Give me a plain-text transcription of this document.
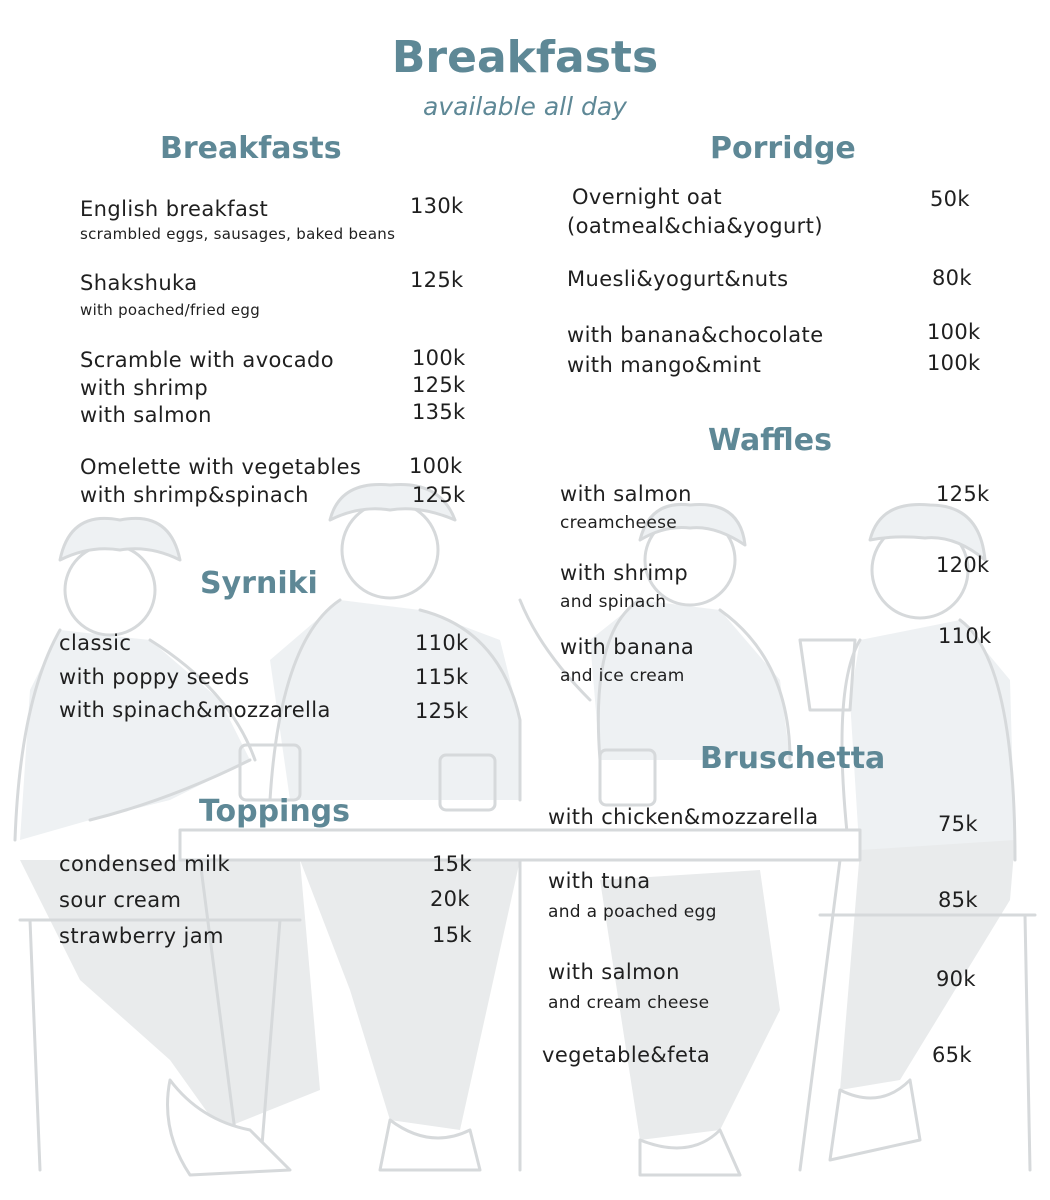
Breakfasts
available all day
Breakfasts
English breakfast
scrambled eggs, sausages, baked beans
130k
Shakshuka
with poached/fried egg
125k
Scramble with avocado	100k
with shrimp	125k
with salmon	135k
Omelette with vegetables 100k
with shrimp&spinach	125k
Syrniki
classic	110k
with poppy seeds	115k
with spinach&mozzarella	125k
Toppings
condensed milk	15k
sour cream	20k
strawberry jam	15k
Porridge
Overnight oat
(oatmeal&chia&yogurt)
50k
Muesli&yogurt&nuts	80k
with banana&chocolate	100k
with mango&mint	100k
Waffles
with salmon
creamcheese
125k
with shrimp
and spinach
120k
with banana
and ice cream
110k
Bruschetta
with chicken&mozzarella	75k
with tuna
and a poached egg	85k
with salmon
and cream cheese
90k
vegetable&feta	65k
